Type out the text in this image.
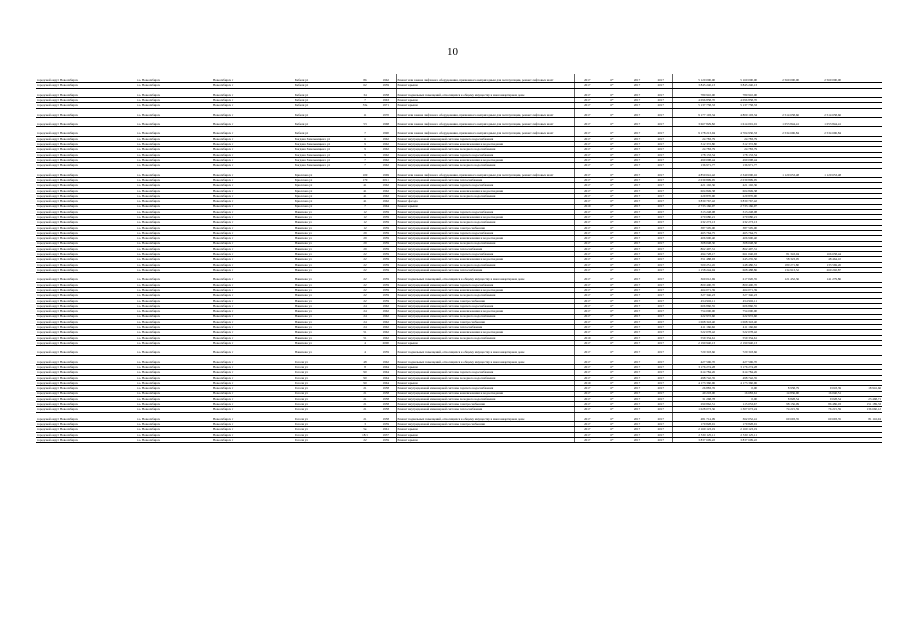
10
городской округ Новосибирск	г.о. Новосибирск	Новосибирск г	Бебеля ул	86	1962	Ремонт или замена лифтового оборудования, признанного непригодным для эксплуатации, ремонт лифтовых шахт	2017	6*	2017	2017	5 120 000,00	5 160 000,00	2 560 000,00	2 560 000,00	
городской округ Новосибирск	г.о. Новосибирск	Новосибирск г	Бебеля ул	62	1959	Ремонт крыши	2017	6*	2017	2017	3 845 240,13	3 845 240,13			
городской округ Новосибирск	г.о. Новосибирск	Новосибирск г	Бебеля ул	34	1958	Ремонт подвальных помещений, относящихся к общему имуществу в многоквартирном доме	2017	6*	2017	2017	780 910,00	780 910,00			
городской округ Новосибирск	г.о. Новосибирск	Новосибирск г	Бебеля ул	7	1963	Ремонт крыши	2017	6*	2017	2017	4 096 858,70	4 096 858,70			
городской округ Новосибирск	г.о. Новосибирск	Новосибирск г	Бебеля ул	33а	1971	Ремонт крыши	2017	6*	2017	2017	5 137 758,33	5 137 758,33			
городской округ Новосибирск	г.о. Новосибирск	Новосибирск г	Бебеля ул	11	1970	Ремонт или замена лифтового оборудования, признанного непригодным для эксплуатации, ремонт лифтовых шахт	2017	6*	2017	2017	9 177 103,34	4 800 103,34	2 514 658,66	2 514 658,66	
городской округ Новосибирск	г.о. Новосибирск	Новосибирск г	Бебеля ул	53	1968	Ремонт или замена лифтового оборудования, признанного непригодным для эксплуатации, ремонт лифтовых шахт	2017	6*	2017	2017	3 667 829,82	1 614 001,01	1 053 844,41	1 053 844,41	
городской округ Новосибирск	г.о. Новосибирск	Новосибирск г	Бебеля ул	7	1990	Ремонт или замена лифтового оборудования, признанного непригодным для эксплуатации, ремонт лифтовых шахт	2017	6*	2017	2017	9 178 213,94	4 704 930,33	2 534 696,84	2 534 696,84	
городской округ Новосибирск	г.о. Новосибирск	Новосибирск г	Богдана Хмельницкого ул	6	1962	Ремонт внутридомовой инженерной системы горячего водоснабжения	2017	6*	2017	2017	24 783,79	24 783,79			
городской округ Новосибирск	г.о. Новосибирск	Новосибирск г	Богдана Хмельницкого ул	9	1962	Ремонт внутридомовой инженерной системы канализования и водоотведения	2017	6*	2017	2017	312 372,80	312 372,80			
городской округ Новосибирск	г.о. Новосибирск	Новосибирск г	Богдана Хмельницкого ул	9	1962	Ремонт внутридомовой инженерной системы холодного водоснабжения	2017	6*	2017	2017	24 783,79	24 783,79			
городской округ Новосибирск	г.о. Новосибирск	Новосибирск г	Богдана Хмельницкого ул	9	1962	Ремонт внутридомовой инженерной системы горячего водоснабжения	2017	6*	2017	2017	178 133,54	178 133,54			
городской округ Новосибирск	г.о. Новосибирск	Новосибирск г	Богдана Хмельницкого ул	7	1962	Ремонт внутридомовой инженерной системы канализования и водоотведения	2017	6*	2017	2017	499 098,44	499 098,44			
городской округ Новосибирск	г.о. Новосибирск	Новосибирск г	Богдана Хмельницкого ул	7	1962	Ремонт внутридомовой инженерной системы холодного водоснабжения	2017	6*	2017	2017	136 971,77	136 971,77			
городской округ Новосибирск	г.о. Новосибирск	Новосибирск г	Брюллова ул	100	1969	Ремонт или замена лифтового оборудования, признанного непригодным для эксплуатации, ремонт лифтовых шахт	2017	6*	2017	2017	4 850 041,42	2 340 000,16	1 120 653,48	1 120 653,48	
городской округ Новосибирск	г.о. Новосибирск	Новосибирск г	Брюллова ул	170	2011	Ремонт внутридомовой инженерной системы теплоснабжения	2017	6*	2017	2017	2 039 899,95	2 039 899,95			
городской округ Новосибирск	г.о. Новосибирск	Новосибирск г	Брюллова ул	41	1962	Ремонт внутридомовой инженерной системы горячего водоснабжения	2017	6*	2017	2017	421 102,36	421 102,36			
городской округ Новосибирск	г.о. Новосибирск	Новосибирск г	Брюллова ул	41	1962	Ремонт внутридомовой инженерной системы канализования и водоотведения	2017	6*	2017	2017	604 849,38	604 849,38			
городской округ Новосибирск	г.о. Новосибирск	Новосибирск г	Брюллова ул	41	1962	Ремонт внутридомовой инженерной системы холодного водоснабжения	2017	6*	2017	2017	229 870,90	229 870,90			
городской округ Новосибирск	г.о. Новосибирск	Новосибирск г	Брюллова ул	41	1962	Ремонт фасада	2017	6*	2017	2017	3 830 767,42	3 830 767,42			
городской округ Новосибирск	г.о. Новосибирск	Новосибирск г	Брюллова ул	7	1964	Ремонт крыши	2019	6*	2017	2017	2 733 166,97	2 733 166,97			
городской округ Новосибирск	г.о. Новосибирск	Новосибирск г	Вавилова ул	12	1959	Ремонт внутридомовой инженерной системы горячего водоснабжения	2017	6*	2017	2017	313 248,08	313 248,08			
городской округ Новосибирск	г.о. Новосибирск	Новосибирск г	Вавилова ул	12	1959	Ремонт внутридомовой инженерной системы канализования и водоотведения	2017	6*	2017	2017	270 680,21	270 680,21			
городской округ Новосибирск	г.о. Новосибирск	Новосибирск г	Вавилова ул	12	1959	Ремонт внутридомовой инженерной системы холодного водоснабжения	2017	6*	2017	2017	232 273,13	232 273,13			
городской округ Новосибирск	г.о. Новосибирск	Новосибирск г	Вавилова ул	12	1959	Ремонт внутридомовой инженерной системы электроснабжения	2017	6*	2017	2017	387 505,00	387 505,00			
городской округ Новосибирск	г.о. Новосибирск	Новосибирск г	Вавилова ул	29	1959	Ремонт внутридомовой инженерной системы горячего водоснабжения	2017	6*	2017	2017	465 764,75	465 764,75			
городской округ Новосибирск	г.о. Новосибирск	Новосибирск г	Вавилова ул	29	1959	Ремонт внутридомовой инженерной системы канализования и водоотведения	2017	6*	2017	2017	406 900,40	406 900,40			
городской округ Новосибирск	г.о. Новосибирск	Новосибирск г	Вавилова ул	29	1959	Ремонт внутридомовой инженерной системы холодного водоснабжения	2017	6*	2017	2017	308 048,30	308 048,30			
городской округ Новосибирск	г.о. Новосибирск	Новосибирск г	Вавилова ул	29	1959	Ремонт внутридомовой инженерной системы теплоснабжения	2017	6*	2017	2017	862 497,31	862 497,31			
городской округ Новосибирск	г.о. Новосибирск	Новосибирск г	Вавилова ул	22	1959	Ремонт внутридомовой инженерной системы горячего водоснабжения	2017	6*	2017	2017	494 728,17	661 040,03	81 343,04	166 658,44	
городской округ Новосибирск	г.о. Новосибирск	Новосибирск г	Вавилова ул	22	1959	Ремонт внутридомовой инженерной системы канализования и водоотведения	2017	6*	2017	2017	351 488,93	245 235,50	58 323,05	48 464,10	
городской округ Новосибирск	г.о. Новосибирск	Новосибирск г	Вавилова ул	22	1959	Ремонт внутридомовой инженерной системы холодного водоснабжения	2017	6*	2017	2017	500 251,45	248 480,51	180 271,80	133 569,26	
городской округ Новосибирск	г.о. Новосибирск	Новосибирск г	Вавилова ул	22	1959	Ремонт внутридомовой инженерной системы теплоснабжения	2017	6*	2017	2017	1 158 244,94	668 488,86	134 913,52	260 202,87	
городской округ Новосибирск	г.о. Новосибирск	Новосибирск г	Вавилова ул	22	1959	Ремонт подвальных помещений, относящихся к общему имуществу в многоквартирном доме	2017	6*	2017	2017	360 012,69	217 020,35	121 452,36	141 279,86	
городской округ Новосибирск	г.о. Новосибирск	Новосибирск г	Вавилова ул	22	1959	Ремонт внутридомовой инженерной системы горячего водоснабжения	2017	6*	2017	2017	800 400,70	800 400,70			
городской округ Новосибирск	г.о. Новосибирск	Новосибирск г	Вавилова ул	22	1959	Ремонт внутридомовой инженерной системы канализования и водоотведения	2017	6*	2017	2017	464 071,39	464 071,39			
городской округ Новосибирск	г.о. Новосибирск	Новосибирск г	Вавилова ул	22	1959	Ремонт внутридомовой инженерной системы холодного водоснабжения	2017	6*	2017	2017	327 346,23	327 346,23			
городской округ Новосибирск	г.о. Новосибирск	Новосибирск г	Вавилова ул	22	1959	Ремонт внутридомовой инженерной системы электроснабжения	2017	6*	2017	2017	454 902,11	454 902,11			
городской округ Новосибирск	г.о. Новосибирск	Новосибирск г	Вавилова ул	24	1962	Ремонт внутридомовой инженерной системы горячего водоснабжения	2017	6*	2017	2017	606 860,55	606 860,55			
городской округ Новосибирск	г.о. Новосибирск	Новосибирск г	Вавилова ул	24	1962	Ремонт внутридомовой инженерной системы канализования и водоотведения	2017	6*	2017	2017	754 000,00	754 000,00			
городской округ Новосибирск	г.о. Новосибирск	Новосибирск г	Вавилова ул	24	1962	Ремонт внутридомовой инженерной системы холодного водоснабжения	2017	6*	2017	2017	222 972,60	222 972,60			
городской округ Новосибирск	г.о. Новосибирск	Новосибирск г	Вавилова ул	24	1962	Ремонт внутридомовой инженерной системы электроснабжения	2017	6*	2017	2017	1 068 343,40	1 068 343,40			
городской округ Новосибирск	г.о. Новосибирск	Новосибирск г	Вавилова ул	24	1962	Ремонт внутридомовой инженерной системы теплоснабжения	2017	6*	2017	2017	411 166,66	411 166,66			
городской округ Новосибирск	г.о. Новосибирск	Новосибирск г	Вавилова ул	51	1962	Ремонт внутридомовой инженерной системы канализования и водоотведения	2017	6*	2017	2017	522 078,42	522 078,42			
городской округ Новосибирск	г.о. Новосибирск	Новосибирск г	Вавилова ул	51	1962	Ремонт внутридомовой инженерной системы холодного водоснабжения	2019	6*	2017	2017	559 334,61	559 334,61			
городской округ Новосибирск	г.о. Новосибирск	Новосибирск г	Вавилова ул	4	2000	Ремонт крыши	2017	6*	2017	2017	2 190 940,13	2 190 940,13			
городской округ Новосибирск	г.о. Новосибирск	Новосибирск г	Вавилова ул	4	1959	Ремонт подвальных помещений, относящихся к общему имуществу в многоквартирном доме	2017	6*	2017	2017	720 318,66	720 318,66			
городской округ Новосибирск	г.о. Новосибирск	Новосибирск г	Гоголя ул	48	1962	Ремонт подвальных помещений, относящихся к общему имуществу в многоквартирном доме	2017	6*	2017	2017	427 596,70	427 596,70			
городской округ Новосибирск	г.о. Новосибирск	Новосибирск г	Гоголя ул	8	1964	Ремонт крыши	2017	6*	2017	2017	3 176 274,28	3 176 274,28			
городской округ Новосибирск	г.о. Новосибирск	Новосибирск г	Гоголя ул	90	1964	Ремонт внутридомовой инженерной системы горячего водоснабжения	2017	6*	2017	2017	614 784,26	614 784,26			
городской округ Новосибирск	г.о. Новосибирск	Новосибирск г	Гоголя ул	90	1964	Ремонт внутридомовой инженерной системы холодного водоснабжения	2017	6*	2017	2017	498 742,35	498 742,35			
городской округ Новосибирск	г.о. Новосибирск	Новосибирск г	Гоголя ул	90	1964	Ремонт крыши	2019	6*	2017	2017	4 173 360,96	4 173 360,96			
городской округ Новосибирск	г.о. Новосибирск	Новосибирск г	Гоголя ул	21	1958	Ремонт внутридомовой инженерной системы горячего водоснабжения	2017	6*	2017	2017	26 883,76	0,00	8 958,79	9 018,39	18 916,66
городской округ Новосибирск	г.о. Новосибирск	Новосибирск г	Гоголя ул	21	1958	Ремонт внутридомовой инженерной системы канализования и водоотведения	2017	6*	2017	2017	49 218,00	16 683,61	14 836,90	16 040,51	
городской округ Новосибирск	г.о. Новосибирск	Новосибирск г	Гоголя ул	21	1958	Ремонт внутридомовой инженерной системы холодного водоснабжения	2017	6*	2017	2017	31 268,78	0,00	8 828,54	9 028,54	23 468,71
городской округ Новосибирск	г.о. Новосибирск	Новосибирск г	Гоголя ул	21	1958	Ремонт внутридомовой инженерной системы электроснабжения	2017	6*	2017	2017	290 862,51	115 053,67	98 156,09	86 486,03	151 189,33
городской округ Новосибирск	г.о. Новосибирск	Новосибирск г	Гоголя ул	21	1958	Ремонт внутридомовой инженерной системы теплоснабжения	2017	6*	2017	2017	1 028 073,36	1 307 673,24	74 215,59	76 215,59	136 660,12
городской округ Новосибирск	г.о. Новосибирск	Новосибирск г	Гоголя ул	21	1958	Ремонт подвальных помещений, относящихся к общему имуществу в многоквартирном доме	2017	6*	2017	2017	481 714,09	362 052,41	60 693,35	60 693,35	81 116,04
городской округ Новосибирск	г.о. Новосибирск	Новосибирск г	Гоголя ул	3	1959	Ремонт внутридомовой инженерной системы электроснабжения	2017	6*	2017	2017	179 828,91	179 828,91			
городской округ Новосибирск	г.о. Новосибирск	Новосибирск г	Гоголя ул	5к	1961	Ремонт крыши	2017	6*	2017	2017	2 160 123,19	2 160 123,19			
городской округ Новосибирск	г.о. Новосибирск	Новосибирск г	Гоголя ул	18/1	1937	Ремонт крыши	2017	6*	2017	2017	2 530 125,11	2 530 125,11			
городской округ Новосибирск	г.о. Новосибирск	Новосибирск г	Гоголя ул	22	1959	Ремонт крыши	2017	6*	2017	2017	3 837 609,22	3 837 609,22			
